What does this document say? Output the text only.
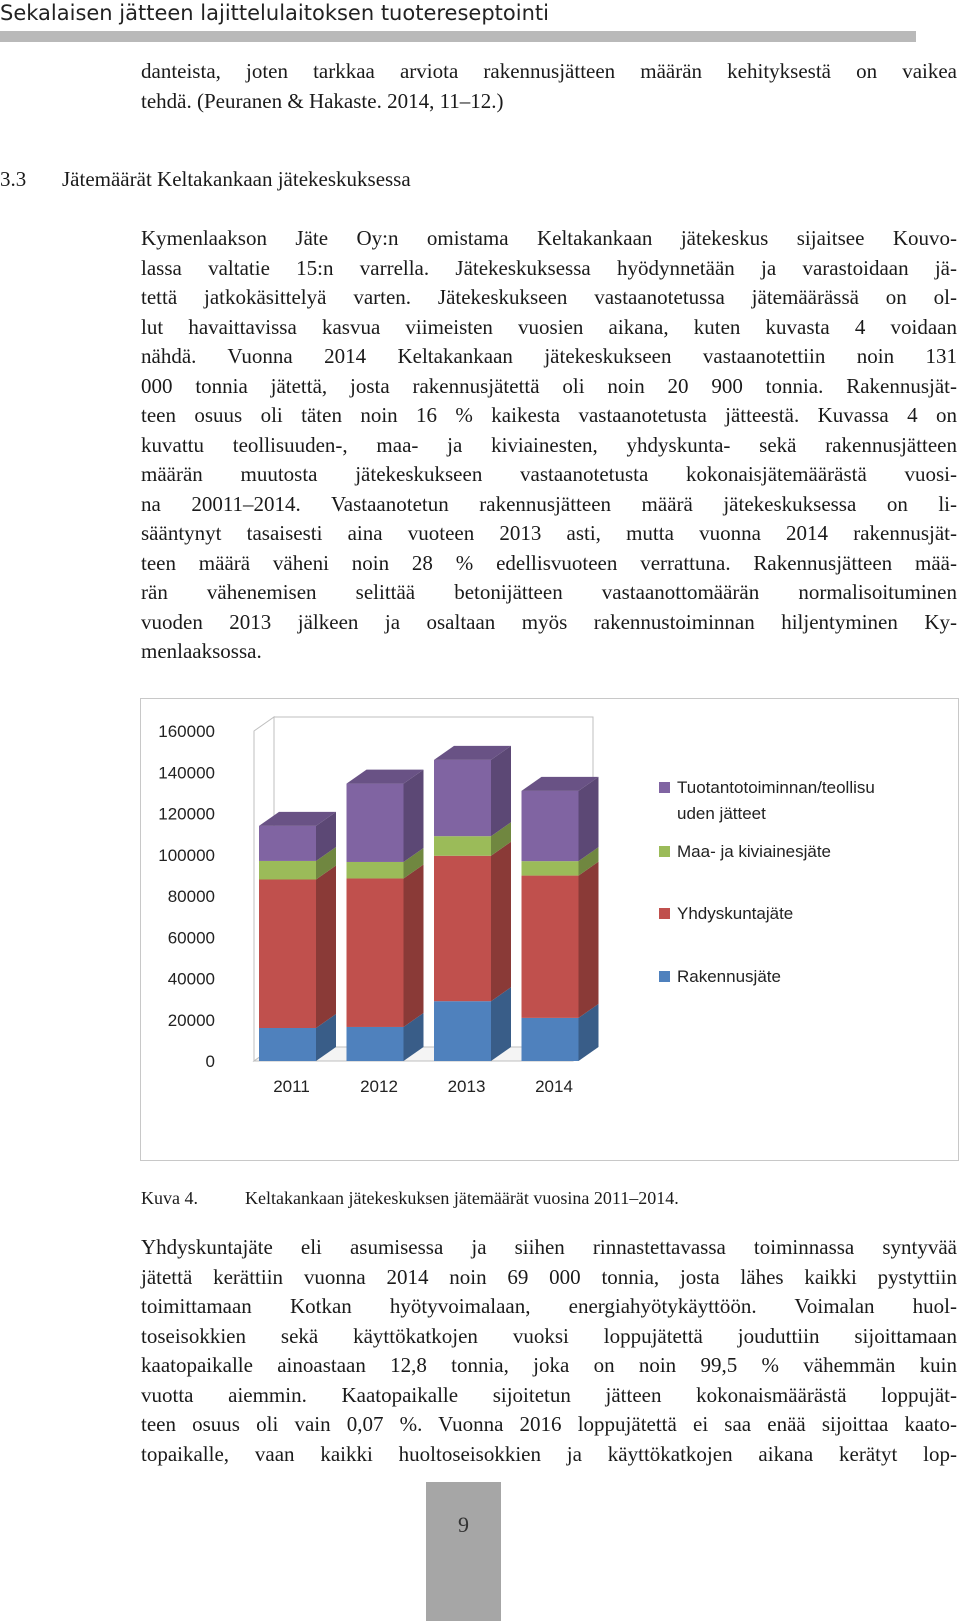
Sekalaisen jätteen lajittelulaitoksen tuotereseptointi
danteista, joten tarkkaa arviota rakennusjätteen määrän kehityksestä on vaikea
tehdä. (Peuranen & Hakaste. 2014, 11–12.)
3.3 Jätemäärät Keltakankaan jätekeskuksessa
Kymenlaakson Jäte Oy:n omistama Keltakankaan jätekeskus sijaitsee Kouvo-
lassa valtatie 15:n varrella. Jätekeskuksessa hyödynnetään ja varastoidaan jä-
tettä jatkokäsittelyä varten. Jätekeskukseen vastaanotetussa jätemäärässä on ol-
lut havaittavissa kasvua viimeisten vuosien aikana, kuten kuvasta 4 voidaan
nähdä. Vuonna 2014 Keltakankaan jätekeskukseen vastaanotettiin noin 131
000 tonnia jätettä, josta rakennusjätettä oli noin 20 900 tonnia. Rakennusjät-
teen osuus oli täten noin 16 % kaikesta vastaanotetusta jätteestä. Kuvassa 4 on
kuvattu teollisuuden-, maa- ja kiviainesten, yhdyskunta- sekä rakennusjätteen
määrän muutosta jätekeskukseen vastaanotetusta kokonaisjätemäärästä vuosi-
na 20011–2014. Vastaanotetun rakennusjätteen määrä jätekeskuksessa on li-
sääntynyt tasaisesti aina vuoteen 2013 asti, mutta vuonna 2014 rakennusjät-
teen määrä väheni noin 28 % edellisvuoteen verrattuna. Rakennusjätteen mää-
rän vähenemisen selittää betonijätteen vastaanottomäärän normalisoituminen
vuoden 2013 jälkeen ja osaltaan myös rakennustoiminnan hiljentyminen Ky-
menlaaksossa.
0
20000
40000
60000
80000
100000
120000
140000
160000
2011	2012	2013	2014
Tuotantotoiminnan/teollisu
uden jätteet
Maa- ja kiviainesjäte
Yhdyskuntajäte
Rakennusjäte
Kuva 4.	Keltakankaan jätekeskuksen jätemäärät vuosina 2011–2014.
Yhdyskuntajäte eli asumisessa ja siihen rinnastettavassa toiminnassa syntyvää
jätettä kerättiin vuonna 2014 noin 69 000 tonnia, josta lähes kaikki pystyttiin
toimittamaan Kotkan hyötyvoimalaan, energiahyötykäyttöön. Voimalan huol-
toseisokkien sekä käyttökatkojen vuoksi loppujätettä jouduttiin sijoittamaan
kaatopaikalle ainoastaan 12,8 tonnia, joka on noin 99,5 % vähemmän kuin
vuotta aiemmin. Kaatopaikalle sijoitetun jätteen kokonaismäärästä loppujät-
teen osuus oli vain 0,07 %. Vuonna 2016 loppujätettä ei saa enää sijoittaa kaato-
topaikalle, vaan kaikki huoltoseisokkien ja käyttökatkojen aikana kerätyt lop-
9
